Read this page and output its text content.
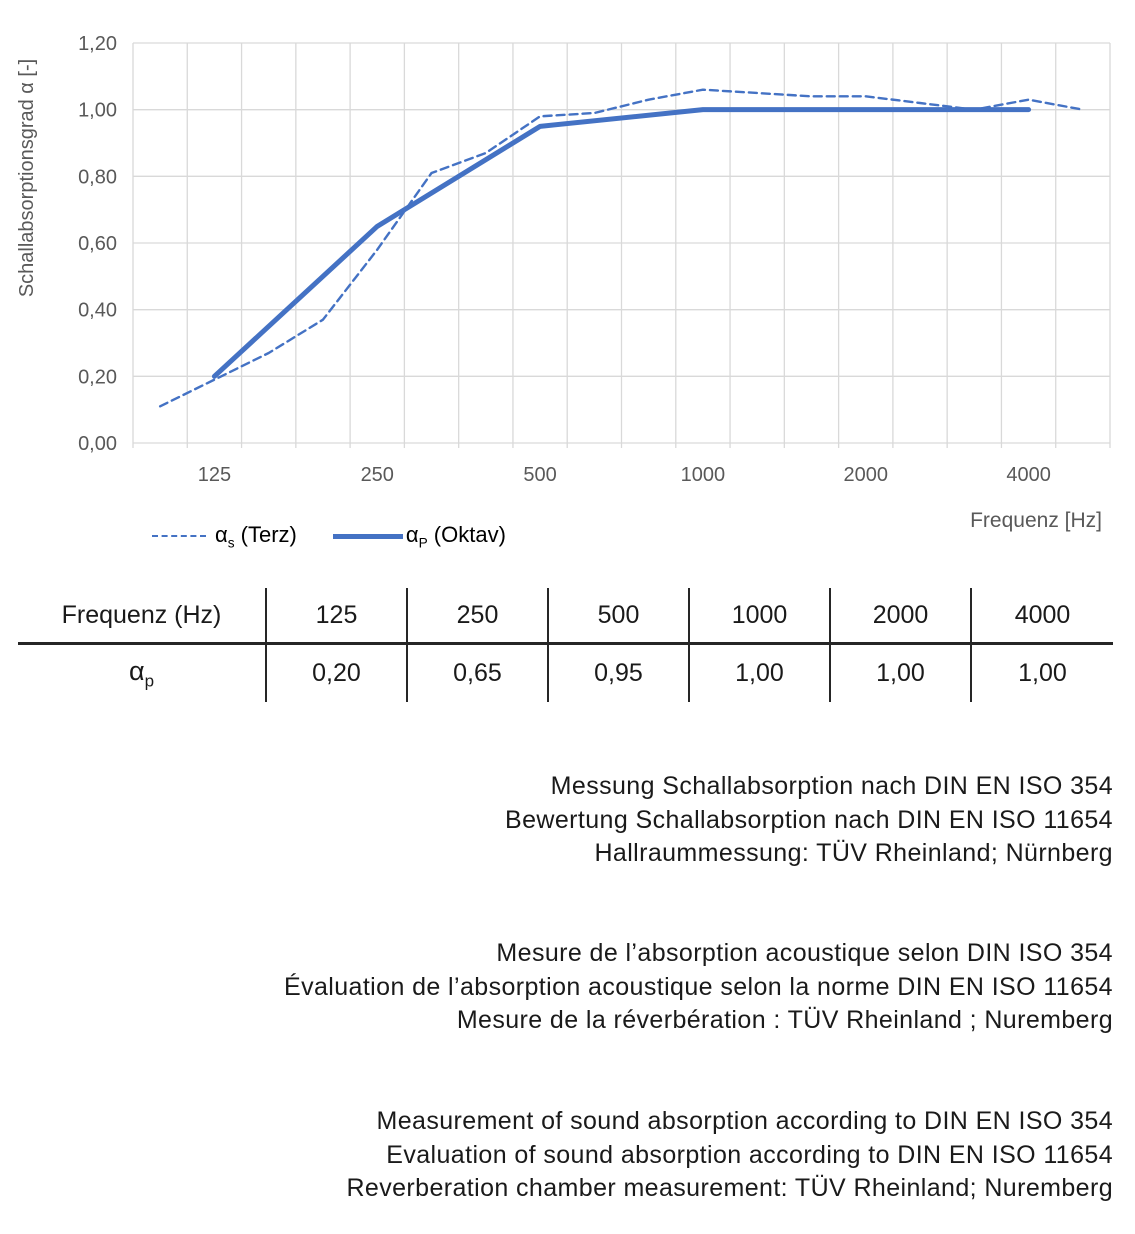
0,00
0,20
0,40
0,60
0,80
1,00
1,20
125	250	500	1000	2000	4000
Schallabsorptionsgrad α [-]
Frequenz [Hz]
$\alpha_s$ (Terz)	$\alpha_P$ (Oktav)
Frequenz (Hz)	125	250	500	1000	2000	4000
$\alpha_p$	0,20	0,65	0,95	1,00	1,00	1,00

Messung Schallabsorption nach DIN EN ISO 354

Bewertung Schallabsorption nach DIN EN ISO 11654

Hallraummessung: TÜV Rheinland; Nürnberg

Mesure de l’absorption acoustique selon DIN ISO 354

Évaluation de l’absorption acoustique selon la norme DIN EN ISO 11654

Mesure de la réverbération : TÜV Rheinland ; Nuremberg

Measurement of sound absorption according to DIN EN ISO 354

Evaluation of sound absorption according to DIN EN ISO 11654

Reverberation chamber measurement: TÜV Rheinland; Nuremberg
